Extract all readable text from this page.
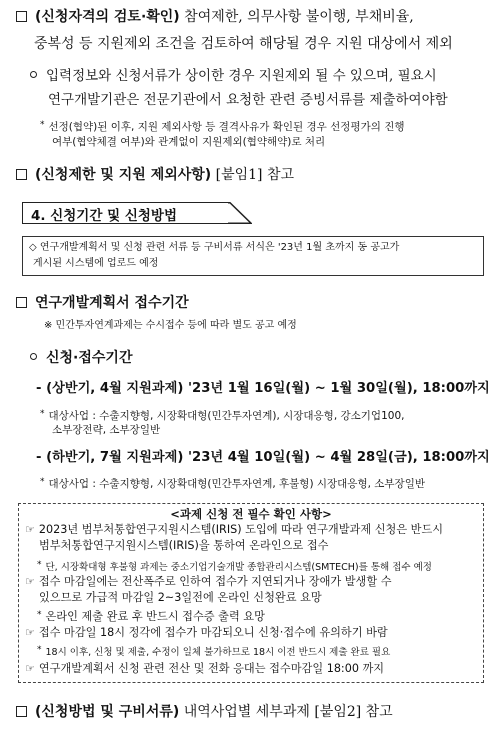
(신청자격의 검토·확인) 참여제한, 의무사항 불이행, 부채비율,
중복성 등 지원제외 조건을 검토하여 해당될 경우 지원 대상에서 제외
입력정보와 신청서류가 상이한 경우 지원제외 될 수 있으며, 필요시
연구개발기관은 전문기관에서 요청한 관련 증빙서류를 제출하여야함
* 선정(협약)된 이후, 지원 제외사항 등 결격사유가 확인된 경우 선정평가의 진행
여부(협약체결 여부)와 관계없이 지원제외(협약해약)로 처리
(신청제한 및 지원 제외사항) [붙임1] 참고
4. 신청기간 및 신청방법
◇ 연구개발계획서 및 신청 관련 서류 등 구비서류 서식은 '23년 1월 초까지 동 공고가
게시된 시스템에 업로드 예정
연구개발계획서 접수기간
※ 민간투자연계과제는 수시접수 등에 따라 별도 공고 예정
신청·접수기간
- (상반기, 4월 지원과제) '23년 1월 16일(월) ~ 1월 30일(월), 18:00까지
* 대상사업 : 수출지향형, 시장확대형(민간투자연계), 시장대응형, 강소기업100,
소부장전략, 소부장일반
- (하반기, 7월 지원과제) '23년 4월 10일(월) ~ 4월 28일(금), 18:00까지
* 대상사업 : 수출지향형, 시장확대형(민간투자연계, 후불형) 시장대응형, 소부장일반
<과제 신청 전 필수 확인 사항>
☞ 2023년 범부처통합연구지원시스템(IRIS) 도입에 따라 연구개발과제 신청은 반드시
범부처통합연구지원시스템(IRIS)을 통하여 온라인으로 접수
* 단, 시장확대형 후불형 과제는 중소기업기술개발 종합관리시스템(SMTECH)를 통해 접수 예정
☞ 접수 마감일에는 전산폭주로 인하여 접수가 지연되거나 장애가 발생할 수
있으므로 가급적 마감일 2~3일전에 온라인 신청완료 요망
* 온라인 제출 완료 후 반드시 접수증 출력 요망
☞ 접수 마감일 18시 정각에 접수가 마감되오니 신청·접수에 유의하기 바람
* 18시 이후, 신청 및 제출, 수정이 일체 불가하므로 18시 이전 반드시 제출 완료 필요
☞ 연구개발계획서 신청 관련 전산 및 전화 응대는 접수마감일 18:00 까지
(신청방법 및 구비서류) 내역사업별 세부과제 [붙임2] 참고
